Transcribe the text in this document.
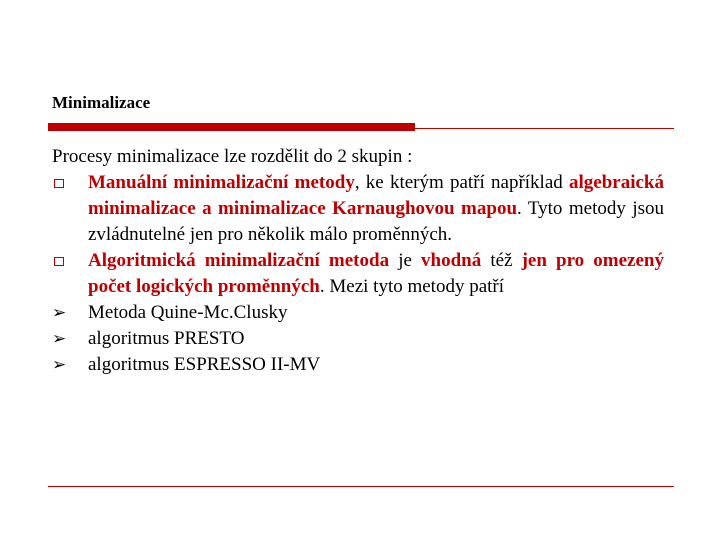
Minimalizace

Procesy minimalizace lze rozdělit do 2 skupin :

Manuální minimalizační metody, ke kterým patří například algebraická minimalizace a minimalizace Karnaughovou mapou. Tyto metody jsou zvládnutelné jen pro několik málo proměnných.
Algoritmická minimalizační metoda je vhodná též jen pro omezený počet logických proměnných. Mezi tyto metody patří
➢ Metoda Quine-Mc.Clusky
➢ algoritmus PRESTO
➢ algoritmus ESPRESSO II-MV
